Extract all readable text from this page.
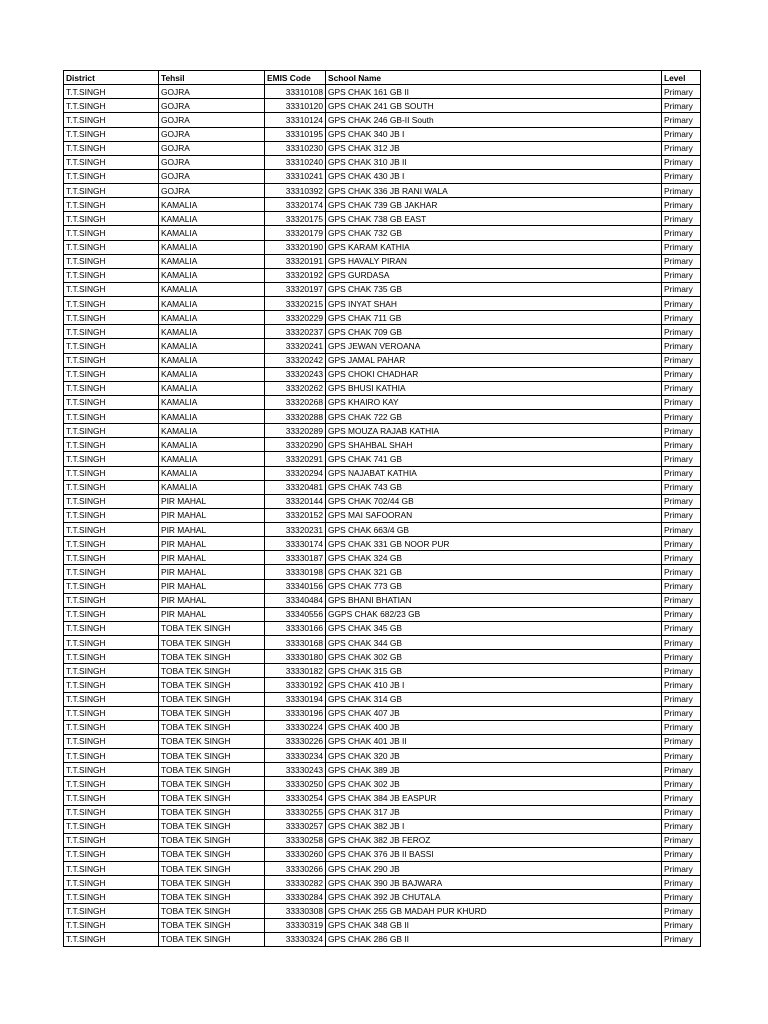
District	Tehsil	EMIS Code	School Name	Level
T.T.SINGH	GOJRA	33310108	GPS CHAK 161 GB II	Primary
T.T.SINGH	GOJRA	33310120	GPS CHAK 241 GB SOUTH	Primary
T.T.SINGH	GOJRA	33310124	GPS CHAK 246 GB-II South	Primary
T.T.SINGH	GOJRA	33310195	GPS CHAK 340 JB I	Primary
T.T.SINGH	GOJRA	33310230	GPS CHAK 312 JB	Primary
T.T.SINGH	GOJRA	33310240	GPS CHAK 310 JB II	Primary
T.T.SINGH	GOJRA	33310241	GPS CHAK 430 JB I	Primary
T.T.SINGH	GOJRA	33310392	GPS CHAK 336 JB RANI WALA	Primary
T.T.SINGH	KAMALIA	33320174	GPS CHAK 739 GB JAKHAR	Primary
T.T.SINGH	KAMALIA	33320175	GPS CHAK 738 GB EAST	Primary
T.T.SINGH	KAMALIA	33320179	GPS CHAK 732 GB	Primary
T.T.SINGH	KAMALIA	33320190	GPS KARAM KATHIA	Primary
T.T.SINGH	KAMALIA	33320191	GPS HAVALY PIRAN	Primary
T.T.SINGH	KAMALIA	33320192	GPS GURDASA	Primary
T.T.SINGH	KAMALIA	33320197	GPS CHAK 735 GB	Primary
T.T.SINGH	KAMALIA	33320215	GPS INYAT SHAH	Primary
T.T.SINGH	KAMALIA	33320229	GPS CHAK 711 GB	Primary
T.T.SINGH	KAMALIA	33320237	GPS CHAK 709 GB	Primary
T.T.SINGH	KAMALIA	33320241	GPS JEWAN VEROANA	Primary
T.T.SINGH	KAMALIA	33320242	GPS JAMAL PAHAR	Primary
T.T.SINGH	KAMALIA	33320243	GPS CHOKI CHADHAR	Primary
T.T.SINGH	KAMALIA	33320262	GPS BHUSI KATHIA	Primary
T.T.SINGH	KAMALIA	33320268	GPS KHAIRO KAY	Primary
T.T.SINGH	KAMALIA	33320288	GPS CHAK 722 GB	Primary
T.T.SINGH	KAMALIA	33320289	GPS MOUZA RAJAB KATHIA	Primary
T.T.SINGH	KAMALIA	33320290	GPS SHAHBAL SHAH	Primary
T.T.SINGH	KAMALIA	33320291	GPS CHAK 741 GB	Primary
T.T.SINGH	KAMALIA	33320294	GPS NAJABAT KATHIA	Primary
T.T.SINGH	KAMALIA	33320481	GPS CHAK 743 GB	Primary
T.T.SINGH	PIR MAHAL	33320144	GPS CHAK 702/44 GB	Primary
T.T.SINGH	PIR MAHAL	33320152	GPS MAI SAFOORAN	Primary
T.T.SINGH	PIR MAHAL	33320231	GPS CHAK 663/4 GB	Primary
T.T.SINGH	PIR MAHAL	33330174	GPS CHAK 331 GB NOOR PUR	Primary
T.T.SINGH	PIR MAHAL	33330187	GPS CHAK 324 GB	Primary
T.T.SINGH	PIR MAHAL	33330198	GPS CHAK 321 GB	Primary
T.T.SINGH	PIR MAHAL	33340156	GPS CHAK 773 GB	Primary
T.T.SINGH	PIR MAHAL	33340484	GPS BHANI BHATIAN	Primary
T.T.SINGH	PIR MAHAL	33340556	GGPS CHAK 682/23 GB	Primary
T.T.SINGH	TOBA TEK SINGH	33330166	GPS CHAK 345 GB	Primary
T.T.SINGH	TOBA TEK SINGH	33330168	GPS CHAK 344 GB	Primary
T.T.SINGH	TOBA TEK SINGH	33330180	GPS CHAK 302 GB	Primary
T.T.SINGH	TOBA TEK SINGH	33330182	GPS CHAK 315 GB	Primary
T.T.SINGH	TOBA TEK SINGH	33330192	GPS CHAK 410 JB I	Primary
T.T.SINGH	TOBA TEK SINGH	33330194	GPS CHAK 314 GB	Primary
T.T.SINGH	TOBA TEK SINGH	33330196	GPS CHAK 407 JB	Primary
T.T.SINGH	TOBA TEK SINGH	33330224	GPS CHAK 400 JB	Primary
T.T.SINGH	TOBA TEK SINGH	33330226	GPS CHAK 401 JB II	Primary
T.T.SINGH	TOBA TEK SINGH	33330234	GPS CHAK 320 JB	Primary
T.T.SINGH	TOBA TEK SINGH	33330243	GPS CHAK 389 JB	Primary
T.T.SINGH	TOBA TEK SINGH	33330250	GPS CHAK 302 JB	Primary
T.T.SINGH	TOBA TEK SINGH	33330254	GPS CHAK 384 JB EASPUR	Primary
T.T.SINGH	TOBA TEK SINGH	33330255	GPS CHAK 317 JB	Primary
T.T.SINGH	TOBA TEK SINGH	33330257	GPS CHAK 382 JB I	Primary
T.T.SINGH	TOBA TEK SINGH	33330258	GPS CHAK 382 JB FEROZ	Primary
T.T.SINGH	TOBA TEK SINGH	33330260	GPS CHAK 376 JB II BASSI	Primary
T.T.SINGH	TOBA TEK SINGH	33330266	GPS CHAK 290 JB	Primary
T.T.SINGH	TOBA TEK SINGH	33330282	GPS CHAK 390 JB BAJWARA	Primary
T.T.SINGH	TOBA TEK SINGH	33330284	GPS CHAK 392 JB CHUTALA	Primary
T.T.SINGH	TOBA TEK SINGH	33330308	GPS CHAK 255 GB MADAH PUR KHURD	Primary
T.T.SINGH	TOBA TEK SINGH	33330319	GPS CHAK 348 GB II	Primary
T.T.SINGH	TOBA TEK SINGH	33330324	GPS CHAK 286 GB II	Primary
